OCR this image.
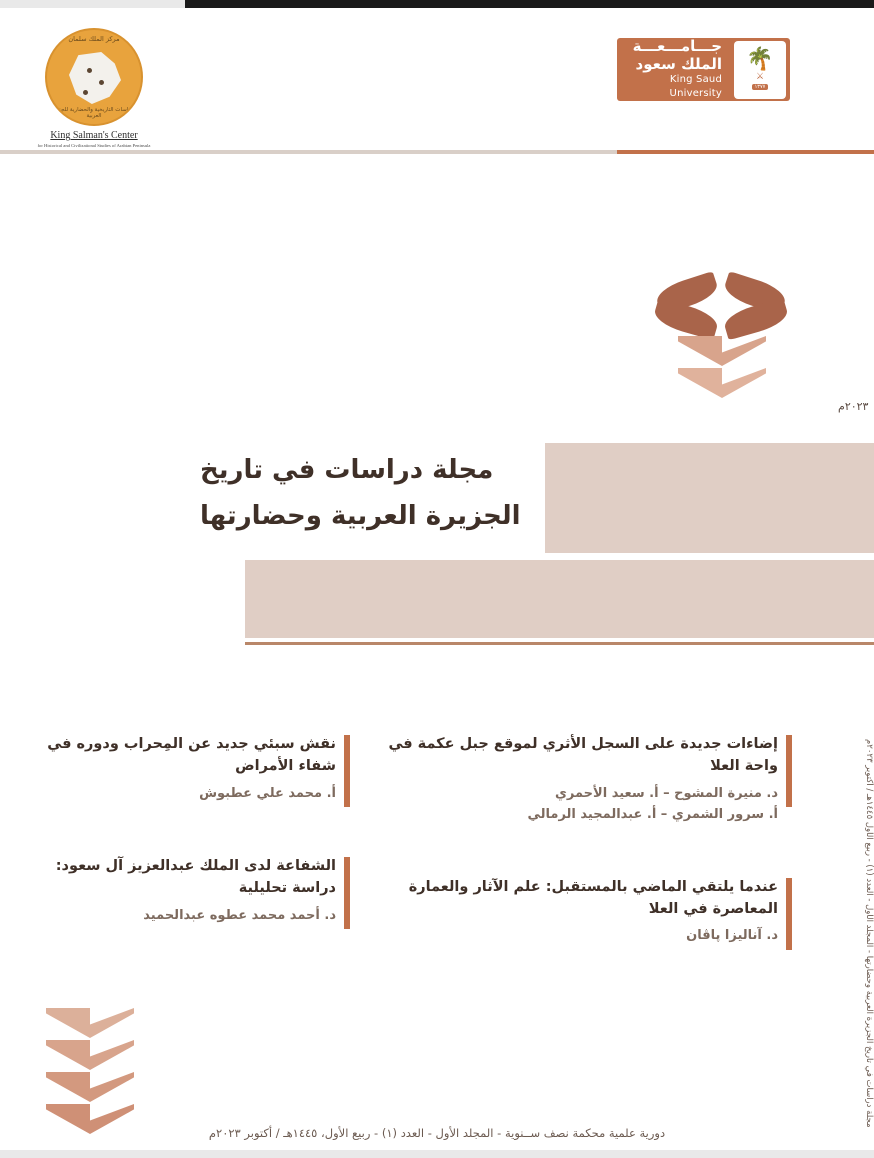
مركز الملك سلمان
للدراسات التاريخية والحضارية للجزيرة العربية
King Salman's Center
for Historical and Civilizational Studies of Arabian Peninsula
🌴
⚔
١٣٧٧
جـــامـــعـــة
الملك سعود
King Saud University
٢٠٢٣م
مجلة دراسات في تاريخ
الجزيرة العربية وحضارتها
إضاءات جديدة على السجل الأثري لموقع جبل عكمة في واحة العلا
د. منيرة المشوح – أ. سعيد الأحمري
أ. سرور الشمري – أ. عبدالمجيد الرمالي
عندما يلتقي الماضي بالمستقبل: علم الآثار والعمارة المعاصرة في العلا
د. آناليزا پاڤان
نقش سبئي جديد عن المِحراب ودوره في شفاء الأمراض
أ. محمد علي عطبوش
الشفاعة لدى الملك عبدالعزيز آل سعود: دراسة تحليلية
د. أحمد محمد عطوه عبدالحميد
مجلة دراسات في تاريخ الجزيرة العربية وحضارتها - المجلد الأول - العدد (١) - ربيع الأول ١٤٤٥هـ / أكتوبر ٢٠٢٣م
دورية علمية محكمة نصف ســنوية - المجلد الأول - العدد (١) - ربيع الأول، ١٤٤٥هـ / أكتوبر ٢٠٢٣م
